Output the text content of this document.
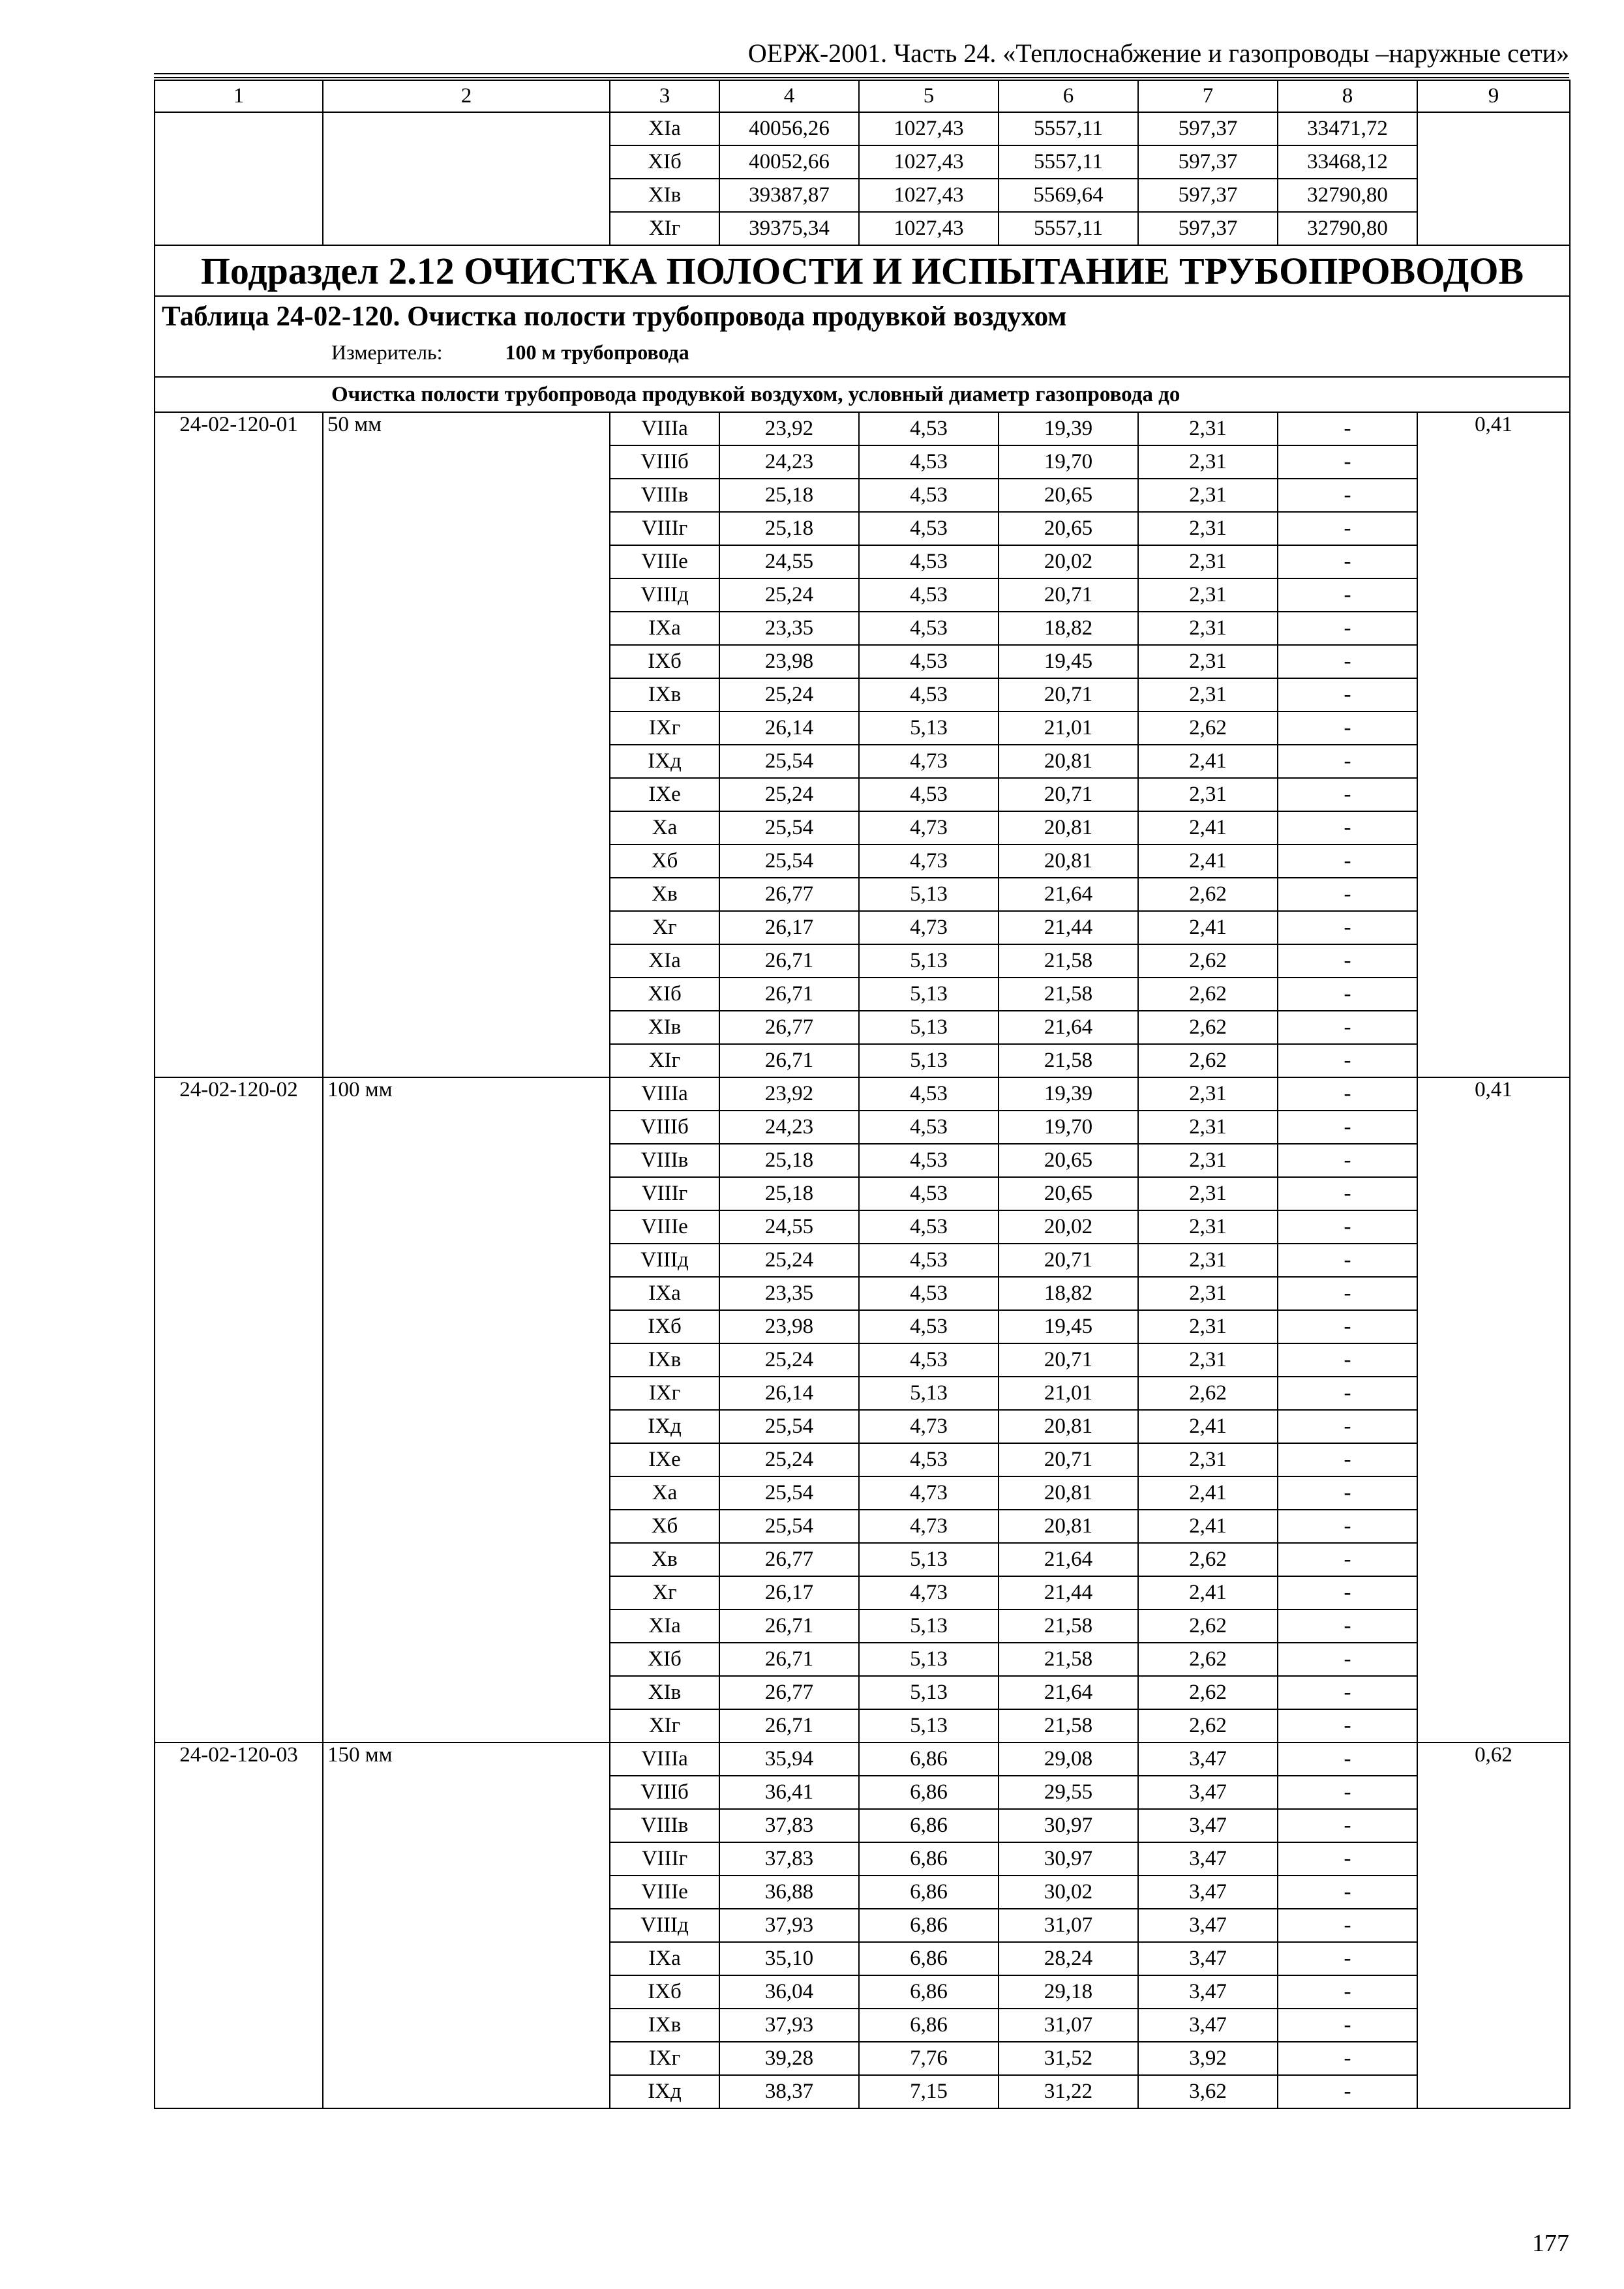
ОЕРЖ-2001. Часть 24. «Теплоснабжение и газопроводы –наружные сети»
1	2	3	4	5	6	7	8	9
		XIа	40056,26	1027,43	5557,11	597,37	33471,72	
		XIб	40052,66	1027,43	5557,11	597,37	33468,12	
		XIв	39387,87	1027,43	5569,64	597,37	32790,80	
		XIг	39375,34	1027,43	5557,11	597,37	32790,80	
Подраздел 2.12 ОЧИСТКА ПОЛОСТИ И ИСПЫТАНИЕ ТРУБОПРОВОДОВ								

Таблица 24-02-120. Очистка полости трубопровода продувкой воздухом
Измеритель: 100 м трубопровода								

Очистка полости трубопровода продувкой воздухом, условный диаметр газопровода до								
24-02-120-01	50 мм	VIIIа	23,92	4,53	19,39	2,31	-	0,41
		VIIIб	24,23	4,53	19,70	2,31	-	
		VIIIв	25,18	4,53	20,65	2,31	-	
		VIIIг	25,18	4,53	20,65	2,31	-	
		VIIIе	24,55	4,53	20,02	2,31	-	
		VIIIд	25,24	4,53	20,71	2,31	-	
		IXа	23,35	4,53	18,82	2,31	-	
		IXб	23,98	4,53	19,45	2,31	-	
		IXв	25,24	4,53	20,71	2,31	-	
		IXг	26,14	5,13	21,01	2,62	-	
		IXд	25,54	4,73	20,81	2,41	-	
		IXе	25,24	4,53	20,71	2,31	-	
		Xа	25,54	4,73	20,81	2,41	-	
		Xб	25,54	4,73	20,81	2,41	-	
		Xв	26,77	5,13	21,64	2,62	-	
		Xг	26,17	4,73	21,44	2,41	-	
		XIа	26,71	5,13	21,58	2,62	-	
		XIб	26,71	5,13	21,58	2,62	-	
		XIв	26,77	5,13	21,64	2,62	-	
		XIг	26,71	5,13	21,58	2,62	-	
24-02-120-02	100 мм	VIIIа	23,92	4,53	19,39	2,31	-	0,41
		VIIIб	24,23	4,53	19,70	2,31	-	
		VIIIв	25,18	4,53	20,65	2,31	-	
		VIIIг	25,18	4,53	20,65	2,31	-	
		VIIIе	24,55	4,53	20,02	2,31	-	
		VIIIд	25,24	4,53	20,71	2,31	-	
		IXа	23,35	4,53	18,82	2,31	-	
		IXб	23,98	4,53	19,45	2,31	-	
		IXв	25,24	4,53	20,71	2,31	-	
		IXг	26,14	5,13	21,01	2,62	-	
		IXд	25,54	4,73	20,81	2,41	-	
		IXе	25,24	4,53	20,71	2,31	-	
		Xа	25,54	4,73	20,81	2,41	-	
		Xб	25,54	4,73	20,81	2,41	-	
		Xв	26,77	5,13	21,64	2,62	-	
		Xг	26,17	4,73	21,44	2,41	-	
		XIа	26,71	5,13	21,58	2,62	-	
		XIб	26,71	5,13	21,58	2,62	-	
		XIв	26,77	5,13	21,64	2,62	-	
		XIг	26,71	5,13	21,58	2,62	-	
24-02-120-03	150 мм	VIIIа	35,94	6,86	29,08	3,47	-	0,62
		VIIIб	36,41	6,86	29,55	3,47	-	
		VIIIв	37,83	6,86	30,97	3,47	-	
		VIIIг	37,83	6,86	30,97	3,47	-	
		VIIIе	36,88	6,86	30,02	3,47	-	
		VIIIд	37,93	6,86	31,07	3,47	-	
		IXа	35,10	6,86	28,24	3,47	-	
		IXб	36,04	6,86	29,18	3,47	-	
		IXв	37,93	6,86	31,07	3,47	-	
		IXг	39,28	7,76	31,52	3,92	-	
		IXд	38,37	7,15	31,22	3,62	-	
177
